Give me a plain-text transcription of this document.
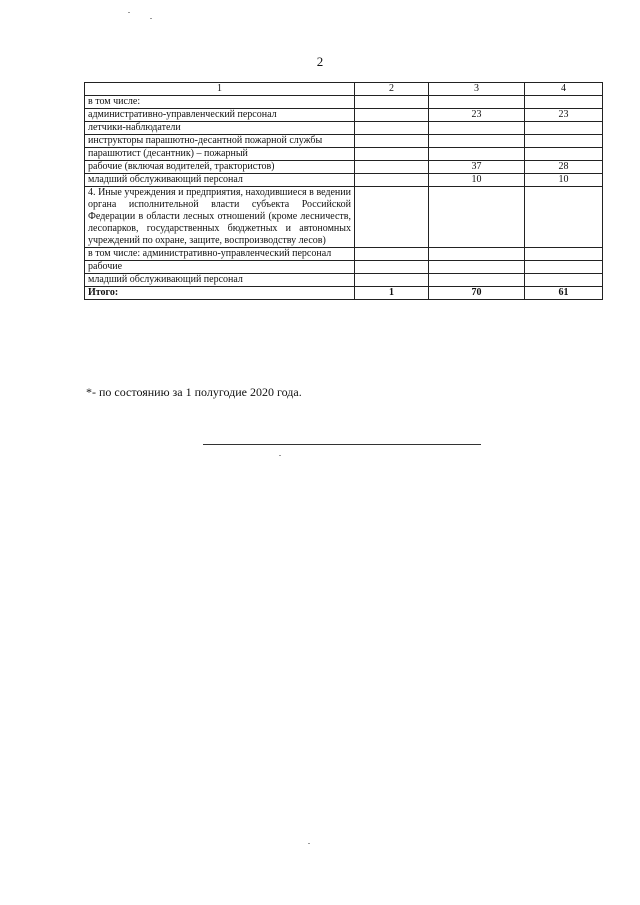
2
1	2	3	4
в том числе:			
административно-управленческий персонал		23	23
летчики-наблюдатели			
инструкторы парашютно-десантной пожарной службы			
парашютист (десантник) – пожарный			
рабочие (включая водителей, трактористов)		37	28
младший обслуживающий персонал		10	10
4. Иные учреждения и предприятия, находившиеся в ведении органа исполнительной власти субъекта Российской Федерации в области лесных отношений (кроме лесничеств, лесопарков, государственных бюджетных и автономных учреждений по охране, защите, воспроизводству лесов)			
в том числе: административно-управленческий персонал			
рабочие			
младший обслуживающий персонал			
Итого:	1	70	61
*- по состоянию за 1 полугодие 2020 года.
